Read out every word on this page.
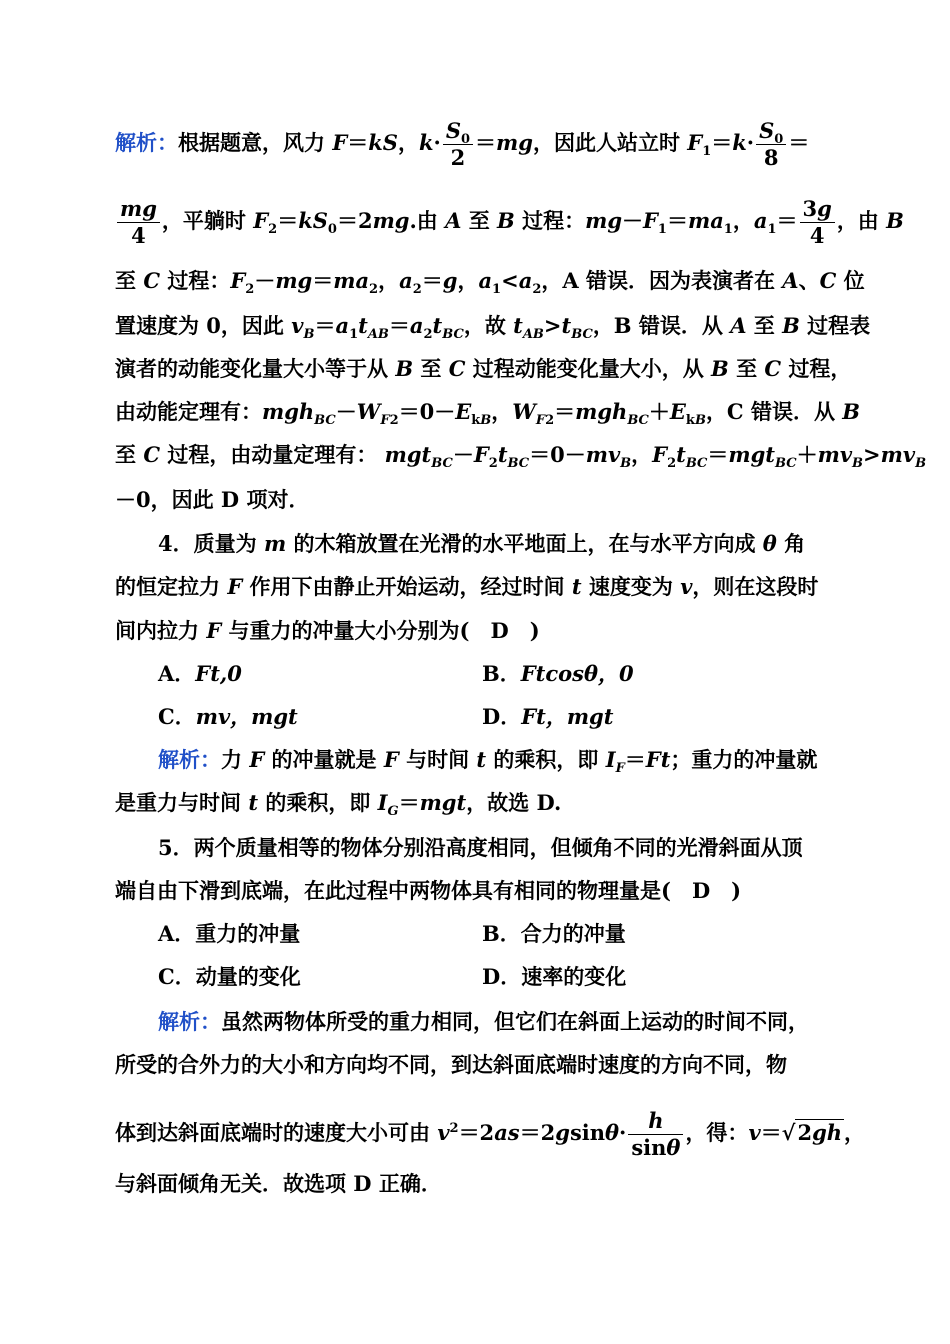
解析：根据题意，风力 F＝kS，$k\cdot \frac{S_0}{2} =mg$，因此人站立时 $F_1=k\cdot \frac{S_0}{8}$ ＝
$\frac{mg}{4}$ ，平躺时 $F_2=kS_0=2mg$.由 A 至 B 过程：$mg-F_1=ma_1$，$a_1= \frac{3g}{4}$ ，由 B
至 C 过程：$F_2-mg=ma_2$，$a_2=g$，$a_1<a_2$，A 错误．因为表演者在 A、C 位
置速度为 0，因此 $v_B=a_1t_{AB}=a_2t_{BC}$，故 $t_{AB}>t_{BC}$，B 错误．从 A 至 B 过程表
演者的动能变化量大小等于从 B 至 C 过程动能变化量大小，从 B 至 C 过程，
由动能定理有：$mgh_{BC}-W_{F2}=0-E_{kB}$，$W_{F2}=mgh_{BC}+E_{kB}$，C 错误．从 B
至 C 过程，由动量定理有： $mgt_{BC}-F_2t_{BC}=0-mv_B$，$F_2t_{BC}=mgt_{BC}+mv_B>mv_B$
－0，因此 D 项对．
4．质量为 m 的木箱放置在光滑的水平地面上，在与水平方向成 θ 角
的恒定拉力 F 作用下由静止开始运动，经过时间 t 速度变为 v，则在这段时
间内拉力 F 与重力的冲量大小分别为(　 D　 )
A．Ft,0	B．Ftcosθ，0
C．mv，mgt	D．Ft，mgt
解析：力 F 的冲量就是 F 与时间 t 的乘积，即 $I_F=Ft$；重力的冲量就
是重力与时间 t 的乘积，即 $I_G=mgt$，故选 D.
5．两个质量相等的物体分别沿高度相同，但倾角不同的光滑斜面从顶
端自由下滑到底端，在此过程中两物体具有相同的物理量是(　 D　 )
A．重力的冲量	B．合力的冲量
C．动量的变化	D．速率的变化
解析：虽然两物体所受的重力相同，但它们在斜面上运动的时间不同，
所受的合外力的大小和方向均不同，到达斜面底端时速度的方向不同，物
体到达斜面底端时的速度大小可由 $v^2=2as=2gsin\theta\cdot \frac{h}{\sin\theta}$ ，得：v＝√2gh，
与斜面倾角无关．故选项 D 正确．
